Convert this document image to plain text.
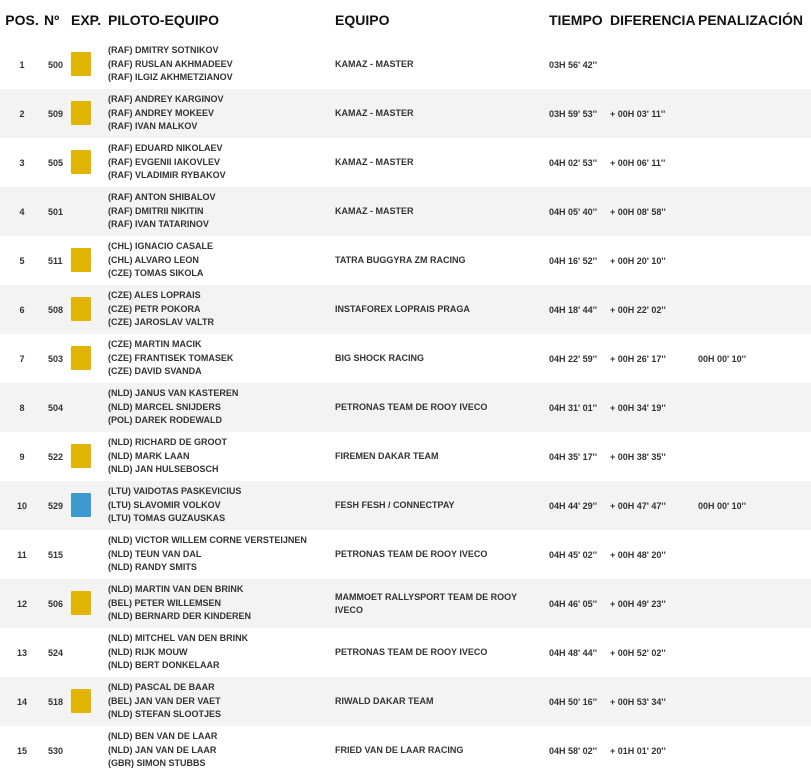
POS.	Nº	EXP.	PILOTO-EQUIPO	EQUIPO	TIEMPO	DIFERENCIA	PENALIZACIÓN
1	500		(RAF) DMITRY SOTNIKOV
(RAF) RUSLAN AKHMADEEV
(RAF) ILGIZ AKHMETZIANOV	KAMAZ - MASTER	03H 56' 42''		
2	509		(RAF) ANDREY KARGINOV
(RAF) ANDREY MOKEEV
(RAF) IVAN MALKOV	KAMAZ - MASTER	03H 59' 53''	+ 00H 03' 11''	
3	505		(RAF) EDUARD NIKOLAEV
(RAF) EVGENII IAKOVLEV
(RAF) VLADIMIR RYBAKOV	KAMAZ - MASTER	04H 02' 53''	+ 00H 06' 11''	
4	501		(RAF) ANTON SHIBALOV
(RAF) DMITRII NIKITIN
(RAF) IVAN TATARINOV	KAMAZ - MASTER	04H 05' 40''	+ 00H 08' 58''	
5	511		(CHL) IGNACIO CASALE
(CHL) ALVARO LEON
(CZE) TOMAS SIKOLA	TATRA BUGGYRA ZM RACING	04H 16' 52''	+ 00H 20' 10''	
6	508		(CZE) ALES LOPRAIS
(CZE) PETR POKORA
(CZE) JAROSLAV VALTR	INSTAFOREX LOPRAIS PRAGA	04H 18' 44''	+ 00H 22' 02''	
7	503		(CZE) MARTIN MACIK
(CZE) FRANTISEK TOMASEK
(CZE) DAVID SVANDA	BIG SHOCK RACING	04H 22' 59''	+ 00H 26' 17''	00H 00' 10''
8	504		(NLD) JANUS VAN KASTEREN
(NLD) MARCEL SNIJDERS
(POL) DAREK RODEWALD	PETRONAS TEAM DE ROOY IVECO	04H 31' 01''	+ 00H 34' 19''	
9	522		(NLD) RICHARD DE GROOT
(NLD) MARK LAAN
(NLD) JAN HULSEBOSCH	FIREMEN DAKAR TEAM	04H 35' 17''	+ 00H 38' 35''	
10	529		(LTU) VAIDOTAS PASKEVICIUS
(LTU) SLAVOMIR VOLKOV
(LTU) TOMAS GUZAUSKAS	FESH FESH / CONNECTPAY	04H 44' 29''	+ 00H 47' 47''	00H 00' 10''
11	515		(NLD) VICTOR WILLEM CORNE VERSTEIJNEN
(NLD) TEUN VAN DAL
(NLD) RANDY SMITS	PETRONAS TEAM DE ROOY IVECO	04H 45' 02''	+ 00H 48' 20''	
12	506		(NLD) MARTIN VAN DEN BRINK
(BEL) PETER WILLEMSEN
(NLD) BERNARD DER KINDEREN	MAMMOET RALLYSPORT TEAM DE ROOY IVECO	04H 46' 05''	+ 00H 49' 23''	
13	524		(NLD) MITCHEL VAN DEN BRINK
(NLD) RIJK MOUW
(NLD) BERT DONKELAAR	PETRONAS TEAM DE ROOY IVECO	04H 48' 44''	+ 00H 52' 02''	
14	518		(NLD) PASCAL DE BAAR
(BEL) JAN VAN DER VAET
(NLD) STEFAN SLOOTJES	RIWALD DAKAR TEAM	04H 50' 16''	+ 00H 53' 34''	
15	530		(NLD) BEN VAN DE LAAR
(NLD) JAN VAN DE LAAR
(GBR) SIMON STUBBS	FRIED VAN DE LAAR RACING	04H 58' 02''	+ 01H 01' 20''	
